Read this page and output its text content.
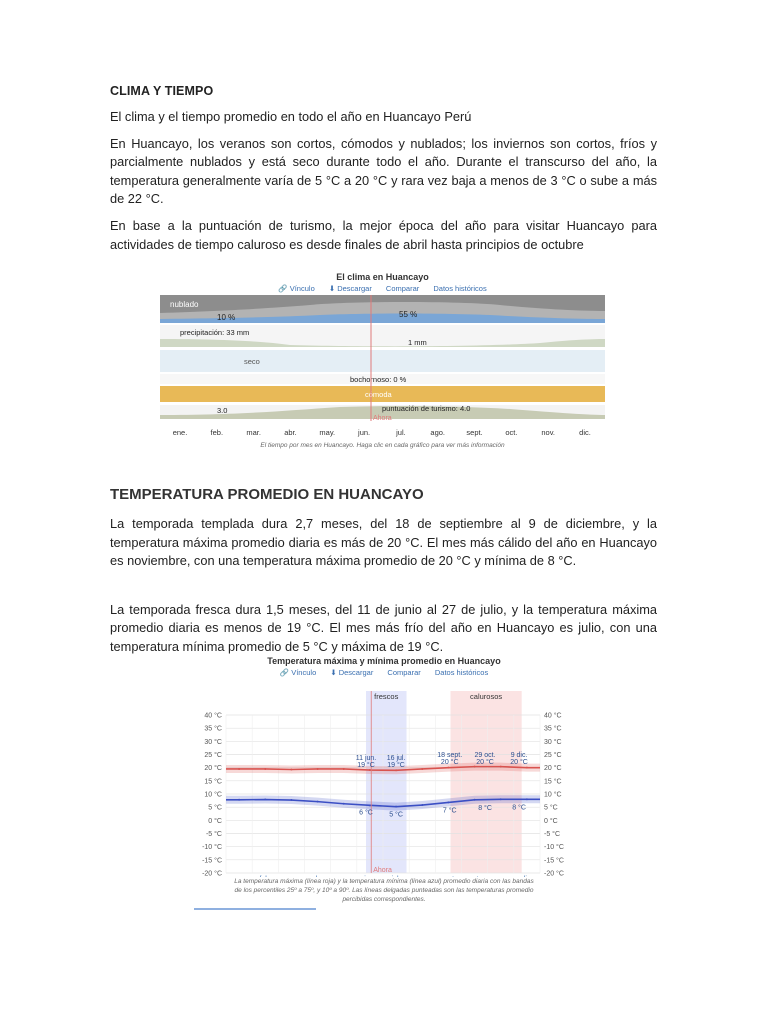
CLIMA Y TIEMPO

El clima y el tiempo promedio en todo el año en Huancayo Perú

En Huancayo, los veranos son cortos, cómodos y nublados; los inviernos son cortos, fríos y parcialmente nublados y está seco durante todo el año. Durante el transcurso del año, la temperatura generalmente varía de 5 °C a 20 °C y rara vez baja a menos de 3 °C o sube a más de 22 °C.

En base a la puntuación de turismo, la mejor época del año para visitar Huancayo para actividades de tiempo caluroso es desde finales de abril hasta principios de octubre

El clima en Huancayo
🔗 Vínculo ⬇ Descargar Comparar Datos históricos
nublado
10 %	55 %
precipitación: 33 mm
1 mm
seco
bochornoso: 0 %
cómoda
3.0	puntuación de turismo: 4.0
Ahora
ene.	feb.	mar.	abr.	may.	jun.	jul.	ago.	sept.	oct.	nov.	dic.
El tiempo por mes en Huancayo. Haga clic en cada gráfico para ver más información
TEMPERATURA PROMEDIO EN HUANCAYO

La temporada templada dura 2,7 meses, del 18 de septiembre al 9 de diciembre, y la temperatura máxima promedio diaria es más de 20 °C. El mes más cálido del año en Huancayo es noviembre, con una temperatura máxima promedio de 20 °C y mínima de 8 °C.

La temporada fresca dura 1,5 meses, del 11 de junio al 27 de julio, y la temperatura máxima promedio diaria es menos de 19 °C. El mes más frío del año en Huancayo es julio, con una temperatura mínima promedio de 5 °C y máxima de 19 °C.

Temperatura máxima y mínima promedio en Huancayo
🔗 Vínculo ⬇ Descargar Comparar Datos históricos
frescos	calurosos
40 °C	40 °C
35 °C	35 °C
30 °C	30 °C
25 °C	25 °C
20 °C	20 °C
15 °C	15 °C
10 °C	10 °C
5 °C	5 °C
0 °C	0 °C
-5 °C	-5 °C
-10 °C	-10 °C
-15 °C	-15 °C
-20 °C	-20 °C
Ahora
11 jun.
19 °C
16 jul.
19 °C
18 sept.
20 °C
29 oct.
20 °C
9 dic.
20 °C
6 °C 5 °C
7 °C	8 °C	8 °C
La temperatura máxima (línea roja) y la temperatura mínima (línea azul) promedio diaria con las bandas
de los percentiles 25º a 75º, y 10º a 90º. Las líneas delgadas punteadas son las temperaturas promedio
percibidas correspondientes.
